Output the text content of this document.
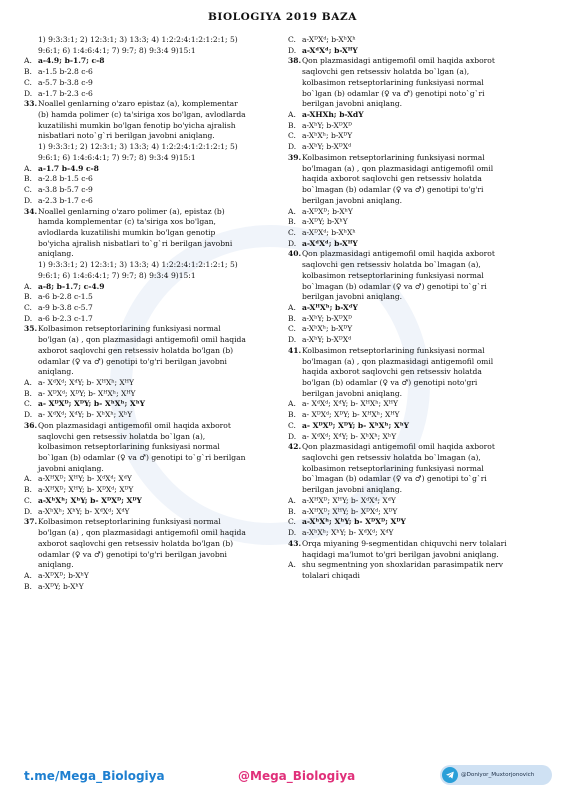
BIOLOGIYA 2019 BAZA
1) 9:3:3:1; 2) 12:3:1; 3) 13:3; 4) 1:2:2:4:1:2:1:2:1; 5)
9:6:1; 6) 1:4:6:4:1; 7) 9:7; 8) 9:3:4 9)15:1
A. a-4.9; b-1.7; c-8
B. a-1.5 b-2.8 c-6
C. a-5.7 b-3.8 c-9
D. a-1.7 b-2.3 c-6
33.Noallel genlarning o'zaro epistaz (a), komplementar
(b) hamda polimer (c) ta'siriga xos bo'lgan, avlodlarda
kuzatilishi mumkin bo'lgan fenotip bo'yicha ajralish
nisbatlari noto`g`ri berilgan javobni aniqlang.
1) 9:3:3:1; 2) 12:3:1; 3) 13:3; 4) 1:2:2:4:1:2:1:2:1; 5)
9:6:1; 6) 1:4:6:4:1; 7) 9:7; 8) 9:3:4 9)15:1
A. a-1.7 b-4.9 c-8
B. a-2.8 b-1.5 c-6
C. a-3.8 b-5.7 c-9
D. a-2.3 b-1.7 c-6
34.Noallel genlarning o'zaro polimer (a), epistaz (b)
hamda komplementar (c) ta'siriga xos bo'lgan,
avlodlarda kuzatilishi mumkin bo'lgan genotip
bo'yicha ajralish nisbatlari to`g`ri berilgan javobni
aniqlang.
1) 9:3:3:1; 2) 12:3:1; 3) 13:3; 4) 1:2:2:4:1:2:1:2:1; 5)
9:6:1; 6) 1:4:6:4:1; 7) 9:7; 8) 9:3:4 9)15:1
A. a-8; b-1.7; c-4.9
B. a-6 b-2.8 c-1.5
C. a-9 b-3.8 c-5.7
D. a-6 b-2.3 c-1.7
35.Kolbasimon retseptorlarining funksiyasi normal
bo'lgan (a) , qon plazmasidagi antigemofil omil haqida
axborot saqlovchi gen retsessiv holatda bo'lgan (b)
odamlar (♀ va ♂) genotipi to'g'ri berilgan javobni
aniqlang.
A. a- XᵈXᵈ; XᵈY; b- XᴴXʰ; XᴴY
B. a- XᴰXᵈ; XᴰY; b- XᴴXʰ; XᴴY
C. a- XᴰXᴰ; XᴰY; b- XʰXʰ; XʰY
D. a- XᵈXᵈ; XᵈY; b- XʰXʰ; XʰY
36.Qon plazmasidagi antigemofil omil haqida axborot
saqlovchi gen retsessiv holatda bo`lgan (a),
kolbasimon retseptorlarining funksiyasi normal
bo`lgan (b) odamlar (♀ va ♂) genotipi to`g`ri berilgan
javobni aniqlang.
A. a-XᴴXᴰ; XᴴY; b- XᵈXᵈ; XᵈY
B. a-XᴴXᴰ; XᴴY; b- XᴰXᵈ; XᴰY
C. a-XʰXʰ; XʰY; b- XᴰXᴰ; XᴰY
D. a-XʰXʰ; XʰY; b- XᵈXᵈ; XᵈY
37.Kolbasimon retseptorlarining funksiyasi normal
bo'lgan (a) , qon plazmasidagi antigemofil omil haqida
axborot saqlovchi gen retsessiv holatda bo'lgan (b)
odamlar (♀ va ♂) genotipi to'g'ri berilgan javobni
aniqlang.
A. a-XᴰXᴰ; b-XʰY
B. a-XᴰY; b-XʰY
C. a-XᴰXᵈ; b-XʰXʰ
D. a-XᵈXᵈ; b-XᴴY
38.Qon plazmasidagi antigemofil omil haqida axborot
saqlovchi gen retsessiv holatda bo`lgan (a),
kolbasimon retseptorlarining funksiyasi normal
bo`lgan (b) odamlar (♀ va ♂) genotipi noto`g`ri
berilgan javobni aniqlang.
A. a-XHXh; b-XdY
B. a-XʰY; b-XᴰXᴰ
C. a-XʰXʰ; b-XᴰY
D. a-XʰY; b-XᴰXᵈ
39.Kolbasimon retseptorlarining funksiyasi normal
bo'lmagan (a) , qon plazmasidagi antigemofil omil
haqida axborot saqlovchi gen retsessiv holatda
bo`lmagan (b) odamlar (♀ va ♂) genotipi to'g'ri
berilgan javobni aniqlang.
A. a-XᴰXᴰ; b-XʰY
B. a-XᴰY; b-XʰY
C. a-XᴰXᵈ; b-XʰXʰ
D. a-XᵈXᵈ; b-XᴴY
40.Qon plazmasidagi antigemofil omil haqida axborot
saqlovchi gen retsessiv holatda bo`lmagan (a),
kolbasimon retseptorlarining funksiyasi normal
bo`lmagan (b) odamlar (♀ va ♂) genotipi to`g`ri
berilgan javobni aniqlang.
A. a-XᴴXʰ; b-XᵈY
B. a-XʰY; b-XᴰXᴰ
C. a-XʰXʰ; b-XᴰY
D. a-XʰY; b-XᴰXᵈ
41.Kolbasimon retseptorlarining funksiyasi normal
bo'lmagan (a) , qon plazmasidagi antigemofil omil
haqida axborot saqlovchi gen retsessiv holatda
bo'lgan (b) odamlar (♀ va ♂) genotipi noto'gri
berilgan javobni aniqlang.
A. a- XᵈXᵈ; XᵈY; b- XᴴXʰ; XᴴY
B. a- XᴰXᵈ; XᴰY; b- XᴴXʰ; XᴴY
C. a- XᴰXᴰ; XᴰY; b- XʰXʰ; XʰY
D. a- XᵈXᵈ; XᵈY; b- XʰXʰ; XʰY
42.Qon plazmasidagi antigemofil omil haqida axborot
saqlovchi gen retsessiv holatda bo`lmagan (a),
kolbasimon retseptorlarining funksiyasi normal
bo`lmagan (b) odamlar (♀ va ♂) genotipi to`g`ri
berilgan javobni aniqlang.
A. a-XᴴXᴰ; XᴴY; b- XᵈXᵈ; XᵈY
B. a-XᴴXᴰ; XᴴY; b- XᴰXᵈ; XᴰY
C. a-XʰXʰ; XʰY; b- XᴰXᴰ; XᴰY
D. a-XʰXʰ; XʰY; b- XᵈXᵈ; XᵈY
43.Orqa miyaning 9-segmentidan chiquvchi nerv tolalari
haqidagi ma'lumot to'gri berilgan javobni aniqlang.
A. shu segmentning yon shoxlaridan parasimpatik nerv
tolalari chiqadi
t.me/Mega_Biologiya	@Mega_Biologiya	@Doniyor_Muxtorjonovich
